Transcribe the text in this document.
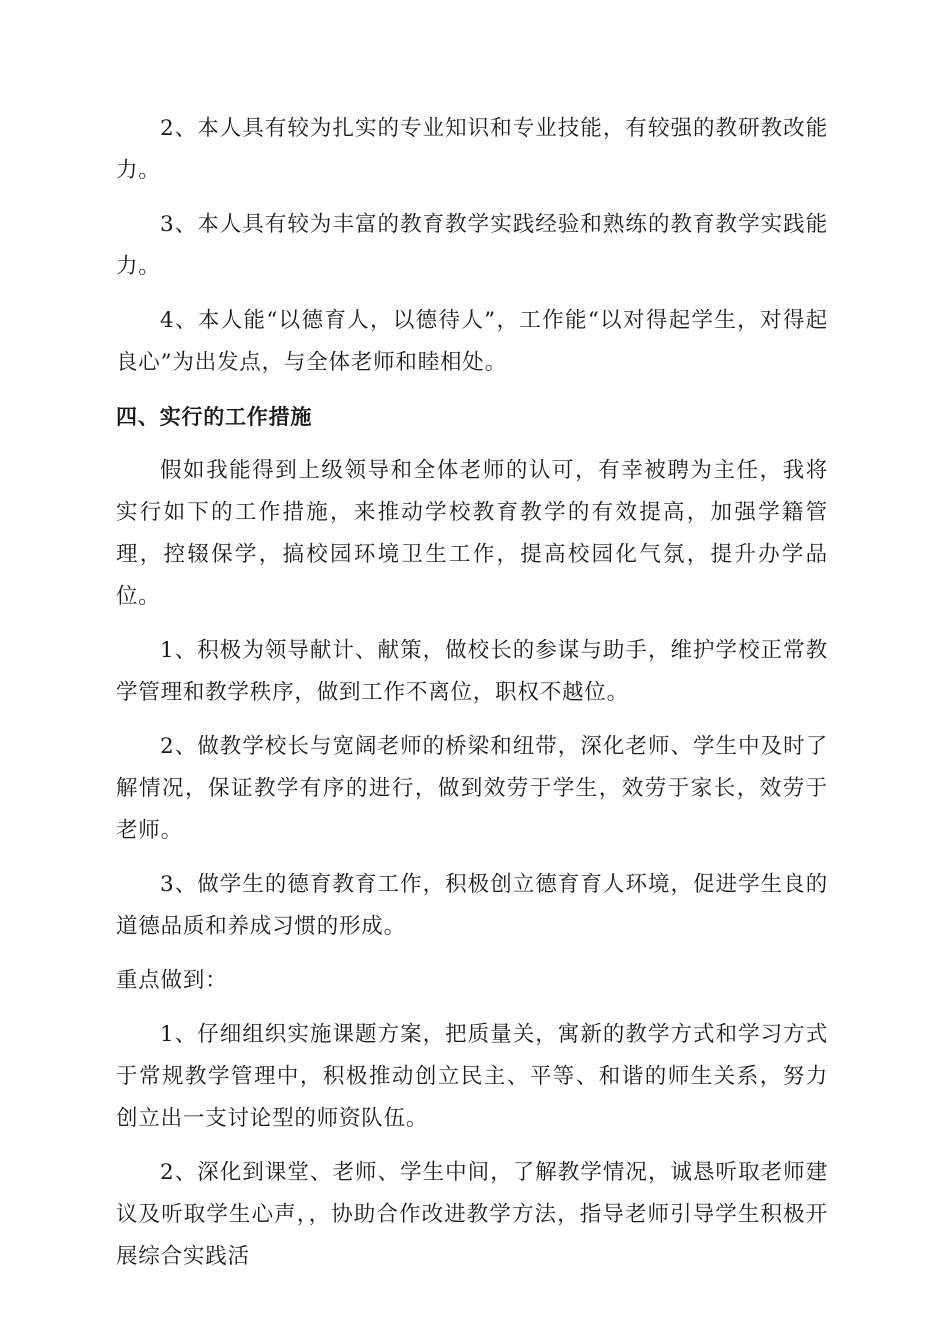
2、本人具有较为扎实的专业知识和专业技能，有较强的教研教改能力。

3、本人具有较为丰富的教育教学实践经验和熟练的教育教学实践能力。

4、本人能“以德育人，以德待人”，工作能“以对得起学生，对得起良心”为出发点，与全体老师和睦相处。

四、实行的工作措施

假如我能得到上级领导和全体老师的认可，有幸被聘为主任，我将实行如下的工作措施，来推动学校教育教学的有效提高，加强学籍管理，控辍保学，搞校园环境卫生工作，提高校园化气氛，提升办学品位。

1、积极为领导献计、献策，做校长的参谋与助手，维护学校正常教学管理和教学秩序，做到工作不离位，职权不越位。

2、做教学校长与宽阔老师的桥梁和纽带，深化老师、学生中及时了解情况，保证教学有序的进行，做到效劳于学生，效劳于家长，效劳于老师。

3、做学生的德育教育工作，积极创立德育育人环境，促进学生良的道德品质和养成习惯的形成。

重点做到：

1、仔细组织实施课题方案，把质量关，寓新的教学方式和学习方式于常规教学管理中，积极推动创立民主、平等、和谐的师生关系，努力创立出一支讨论型的师资队伍。

2、深化到课堂、老师、学生中间，了解教学情况，诚恳听取老师建议及听取学生心声，，协助合作改进教学方法，指导老师引导学生积极开展综合实践活
